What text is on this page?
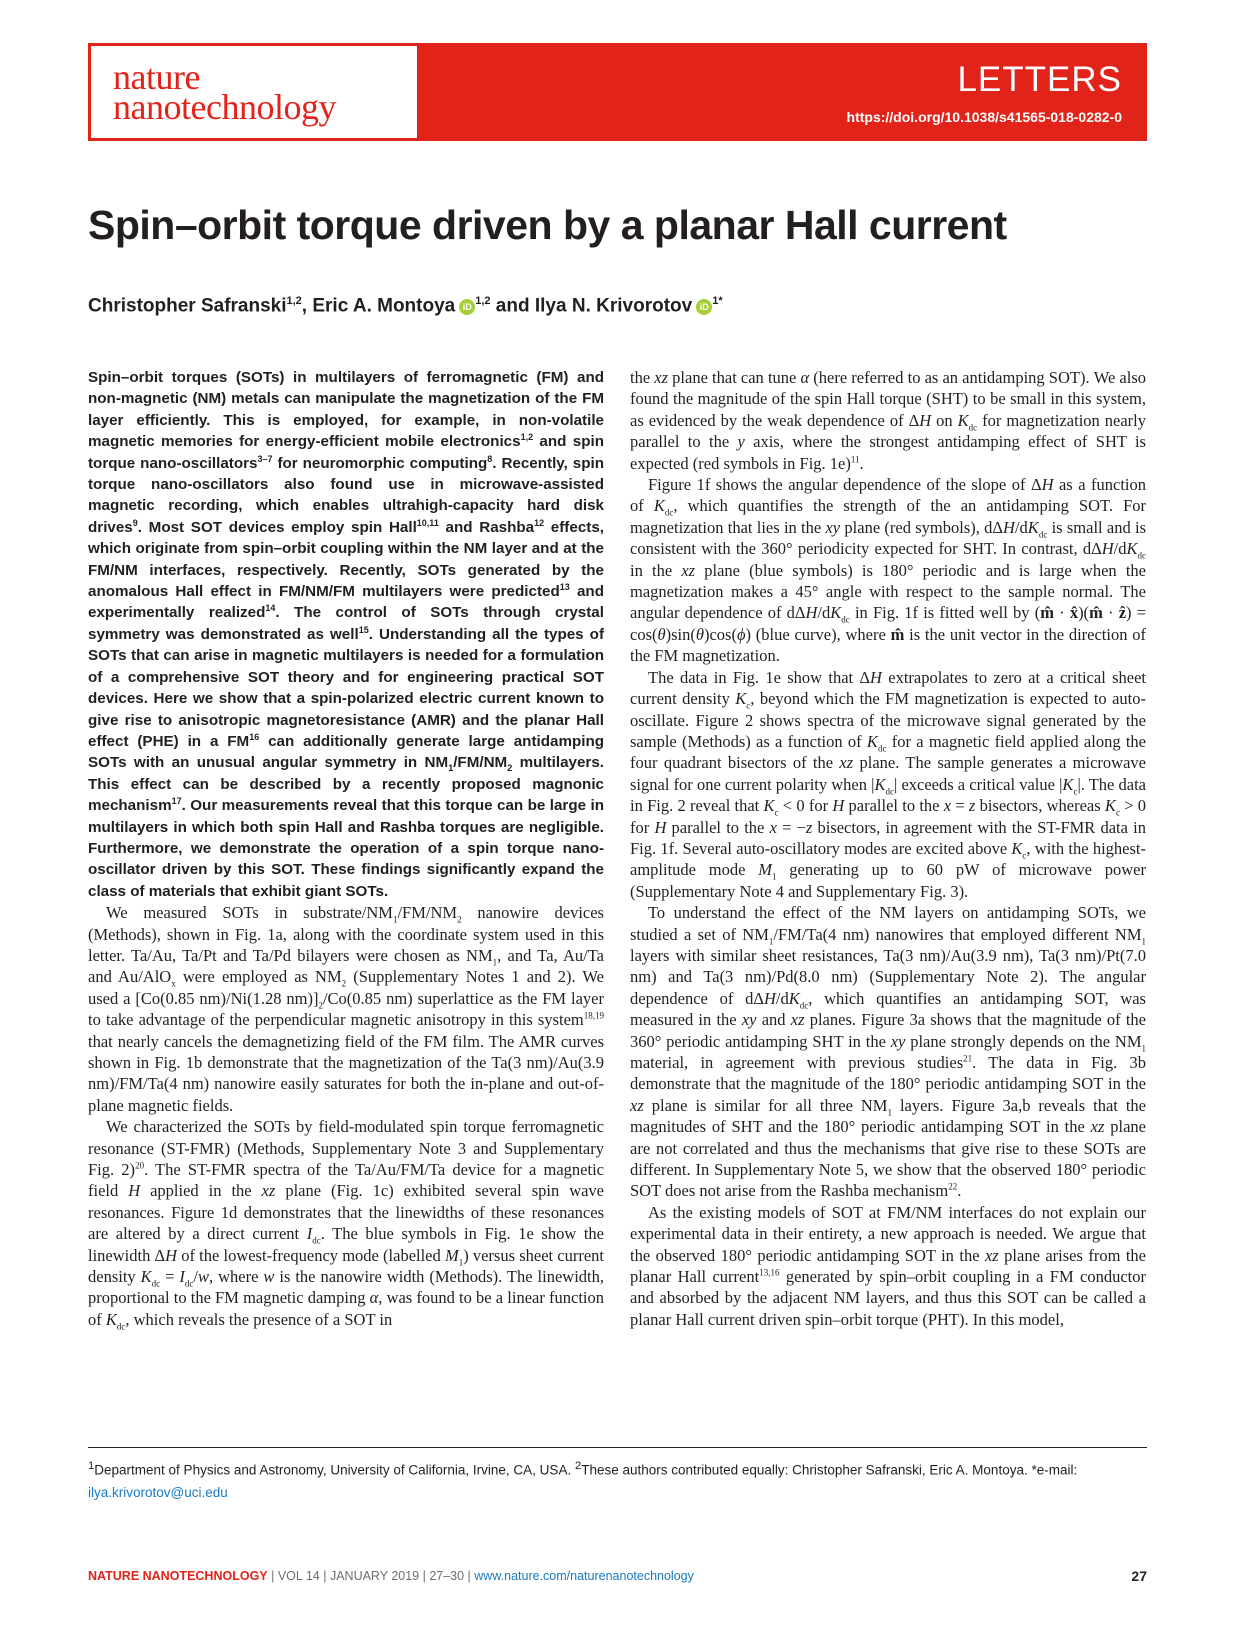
nature
nanotechnology

LETTERS

https://doi.org/10.1038/s41565-018-0282-0

Spin–orbit torque driven by a planar Hall current

Christopher Safranski$^{1,2}$, Eric A. Montoya iD$^{1,2}$ and Ilya N. Krivorotov $iD^{1*}$

Spin–orbit torques (SOTs) in multilayers of ferromagnetic (FM) and non-magnetic (NM) metals can manipulate the magnetization of the FM layer efficiently. This is employed, for example, in non-volatile magnetic memories for energy-efficient mobile electronics$^{1,2}$ and spin torque nano-oscillators$^{3-7}$ for neuromorphic computing$^8$. Recently, spin torque nano-oscillators also found use in microwave-assisted magnetic recording, which enables ultrahigh-capacity hard disk drives$^9$. Most SOT devices employ spin Hall$^{10,11}$ and Rashba$^{12}$ effects, which originate from spin–orbit coupling within the NM layer and at the FM/NM interfaces, respectively. Recently, SOTs generated by the anomalous Hall effect in FM/NM/FM multilayers were predicted$^{13}$ and experimentally realized$^{14}$. The control of SOTs through crystal symmetry was demonstrated as well$^{15}$. Understanding all the types of SOTs that can arise in magnetic multilayers is needed for a formulation of a comprehensive SOT theory and for engineering practical SOT devices. Here we show that a spin-polarized electric current known to give rise to anisotropic magnetoresistance (AMR) and the planar Hall effect (PHE) in a FM$^{16}$ can additionally generate large antidamping SOTs with an unusual angular symmetry in $NM_1/FM/NM_2$ multilayers. This effect can be described by a recently proposed magnonic mechanism$^{17}$. Our measurements reveal that this torque can be large in multilayers in which both spin Hall and Rashba torques are negligible. Furthermore, we demonstrate the operation of a spin torque nano-oscillator driven by this SOT. These findings significantly expand the class of materials that exhibit giant SOTs.

We measured SOTs in substrate/$NM_1/FM/NM_2$ nanowire devices (Methods), shown in Fig. 1a, along with the coordinate system used in this letter. Ta/Au, Ta/Pt and Ta/Pd bilayers were chosen as $NM_1$, and Ta, Au/Ta and Au/AlO$_x$ were employed as $NM_2$ (Supplementary Notes 1 and 2). We used a [Co(0.85 nm)/Ni(1.28 $nm)]_2/Co(0.85$ nm) superlattice as the FM layer to take advantage of the perpendicular magnetic anisotropy in this system$^{18,19}$ that nearly cancels the demagnetizing field of the FM film. The AMR curves shown in Fig. 1b demonstrate that the magnetization of the Ta(3 nm)/Au(3.9 nm)/FM/Ta(4 nm) nanowire easily saturates for both the in-plane and out-of-plane magnetic fields.

We characterized the SOTs by field-modulated spin torque ferromagnetic resonance (ST-FMR) (Methods, Supplementary Note 3 and Supplementary Fig. 2)$^{20}$. The ST-FMR spectra of the Ta/Au/FM/Ta device for a magnetic field H applied in the xz plane (Fig. 1c) exhibited several spin wave resonances. Figure 1d demonstrates that the linewidths of these resonances are altered by a direct current $I_{dc}$. The blue symbols in Fig. 1e show the linewidth ΔH of the lowest-frequency mode (labelled $M_1$) versus sheet current density $K_{dc} = I_{dc}/w$, where w is the nanowire width (Methods). The linewidth, proportional to the FM magnetic damping α, was found to be a linear function of $K_{dc}$, which reveals the presence of a SOT in

the xz plane that can tune α (here referred to as an antidamping SOT). We also found the magnitude of the spin Hall torque (SHT) to be small in this system, as evidenced by the weak dependence of ΔH on $K_{dc}$ for magnetization nearly parallel to the y axis, where the strongest antidamping effect of SHT is expected (red symbols in Fig. 1e)$^{11}$.

Figure 1f shows the angular dependence of the slope of ΔH as a function of $K_{dc}$, which quantifies the strength of the an antidamping SOT. For magnetization that lies in the xy plane (red symbols), dΔH/$dK_{dc}$ is small and is consistent with the 360° periodicity expected for SHT. In contrast, dΔH/$dK_{dc}$ in the xz plane (blue symbols) is 180° periodic and is large when the magnetization makes a 45° angle with respect to the sample normal. The angular dependence of dΔH/$dK_{dc}$ in Fig. 1f is fitted well by (m̂ · x̂)(m̂ · ẑ) = cos(θ)sin(θ)cos(ϕ) (blue curve), where m̂ is the unit vector in the direction of the FM magnetization.

The data in Fig. 1e show that ΔH extrapolates to zero at a critical sheet current density $K_c$, beyond which the FM magnetization is expected to auto-oscillate. Figure 2 shows spectra of the microwave signal generated by the sample (Methods) as a function of $K_{dc}$ for a magnetic field applied along the four quadrant bisectors of the xz plane. The sample generates a microwave signal for one current polarity when $|K_{dc}|$ exceeds a critical value $|K_c|$. The data in Fig. 2 reveal that $K_c < 0$ for H parallel to the x = z bisectors, whereas $K_c > 0$ for H parallel to the x = −z bisectors, in agreement with the ST-FMR data in Fig. 1f. Several auto-oscillatory modes are excited above $K_c$, with the highest-amplitude mode $M_1$ generating up to 60 pW of microwave power (Supplementary Note 4 and Supplementary Fig. 3).

To understand the effect of the NM layers on antidamping SOTs, we studied a set of $NM_1/FM/Ta(4$ nm) nanowires that employed different $NM_1$ layers with similar sheet resistances, Ta(3 nm)/Au(3.9 nm), Ta(3 nm)/Pt(7.0 nm) and Ta(3 nm)/Pd(8.0 nm) (Supplementary Note 2). The angular dependence of dΔH/$dK_{dc}$, which quantifies an antidamping SOT, was measured in the xy and xz planes. Figure 3a shows that the magnitude of the 360° periodic antidamping SHT in the xy plane strongly depends on the $NM_1$ material, in agreement with previous studies$^{21}$. The data in Fig. 3b demonstrate that the magnitude of the 180° periodic antidamping SOT in the xz plane is similar for all three $NM_1$ layers. Figure 3a,b reveals that the magnitudes of SHT and the 180° periodic antidamping SOT in the xz plane are not correlated and thus the mechanisms that give rise to these SOTs are different. In Supplementary Note 5, we show that the observed 180° periodic SOT does not arise from the Rashba mechanism$^{22}$.

As the existing models of SOT at FM/NM interfaces do not explain our experimental data in their entirety, a new approach is needed. We argue that the observed 180° periodic antidamping SOT in the xz plane arises from the planar Hall current$^{13,16}$ generated by spin–orbit coupling in a FM conductor and absorbed by the adjacent NM layers, and thus this SOT can be called a planar Hall current driven spin–orbit torque (PHT). In this model,

$^1$Department of Physics and Astronomy, University of California, Irvine, CA, USA. $^2$These authors contributed equally: Christopher Safranski, Eric A. Montoya. *e-mail: ilya.krivorotov@uci.edu

NATURE NANOTECHNOLOGY | VOL 14 | JANUARY 2019 | 27–30 | www.nature.com/naturenanotechnology	27
